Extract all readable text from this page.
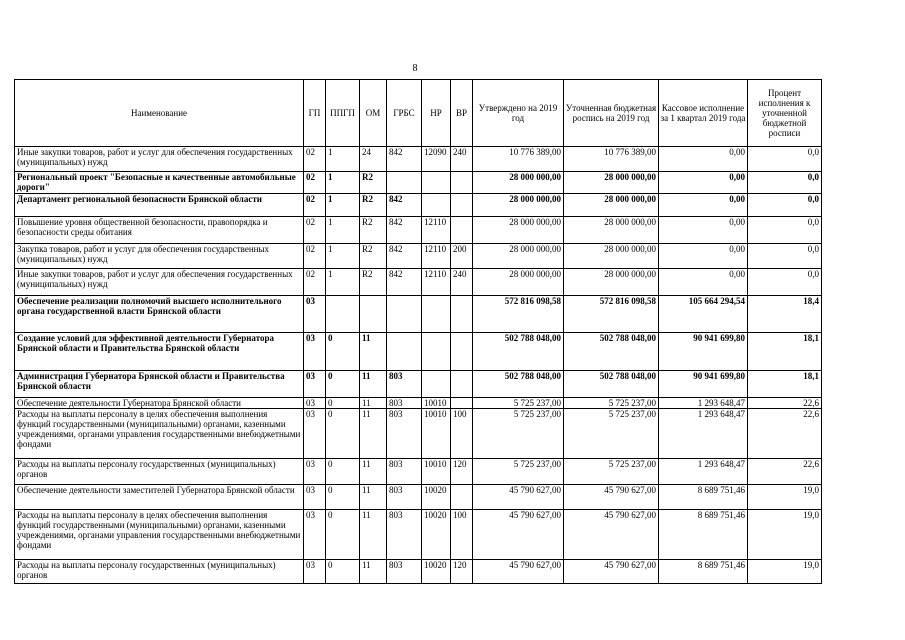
8
Наименование	ГП	ППГП	ОМ	ГРБС	НР	ВР	Утверждено на 2019 год	Уточненная бюджетная роспись на 2019 год	Кассовое исполнение за 1 квартал 2019 года	Процент исполнения к уточненной бюджетной росписи
Иные закупки товаров, работ и услуг для обеспечения государственных (муниципальных) нужд	02	1	24	842	12090	240	10 776 389,00	10 776 389,00	0,00	0,0
Региональный проект "Безопасные и качественные автомобильные дороги"	02	1	R2				28 000 000,00	28 000 000,00	0,00	0,0
Департамент региональной безопасности Брянской области	02	1	R2	842			28 000 000,00	28 000 000,00	0,00	0,0
Повышение уровня общественной безопасности, правопорядка и безопасности среды обитания	02	1	R2	842	12110		28 000 000,00	28 000 000,00	0,00	0,0
Закупка товаров, работ и услуг для обеспечения государственных (муниципальных) нужд	02	1	R2	842	12110	200	28 000 000,00	28 000 000,00	0,00	0,0
Иные закупки товаров, работ и услуг для обеспечения государственных (муниципальных) нужд	02	1	R2	842	12110	240	28 000 000,00	28 000 000,00	0,00	0,0
Обеспечение реализации полномочий высшего исполнительного органа государственной власти Брянской области	03						572 816 098,58	572 816 098,58	105 664 294,54	18,4
Создание условий для эффективной деятельности Губернатора Брянской области и Правительства Брянской области	03	0	11				502 788 048,00	502 788 048,00	90 941 699,80	18,1
Администрация Губернатора Брянской области и Правительства Брянской области	03	0	11	803			502 788 048,00	502 788 048,00	90 941 699,80	18,1
Обеспечение деятельности Губернатора Брянской области	03	0	11	803	10010		5 725 237,00	5 725 237,00	1 293 648,47	22,6
Расходы на выплаты персоналу в целях обеспечения выполнения функций государственными (муниципальными) органами, казенными учреждениями, органами управления государственными внебюджетными фондами	03	0	11	803	10010	100	5 725 237,00	5 725 237,00	1 293 648,47	22,6
Расходы на выплаты персоналу государственных (муниципальных) органов	03	0	11	803	10010	120	5 725 237,00	5 725 237,00	1 293 648,47	22,6
Обеспечение деятельности заместителей Губернатора Брянской области	03	0	11	803	10020		45 790 627,00	45 790 627,00	8 689 751,46	19,0
Расходы на выплаты персоналу в целях обеспечения выполнения функций государственными (муниципальными) органами, казенными учреждениями, органами управления государственными внебюджетными фондами	03	0	11	803	10020	100	45 790 627,00	45 790 627,00	8 689 751,46	19,0
Расходы на выплаты персоналу государственных (муниципальных) органов	03	0	11	803	10020	120	45 790 627,00	45 790 627,00	8 689 751,46	19,0
